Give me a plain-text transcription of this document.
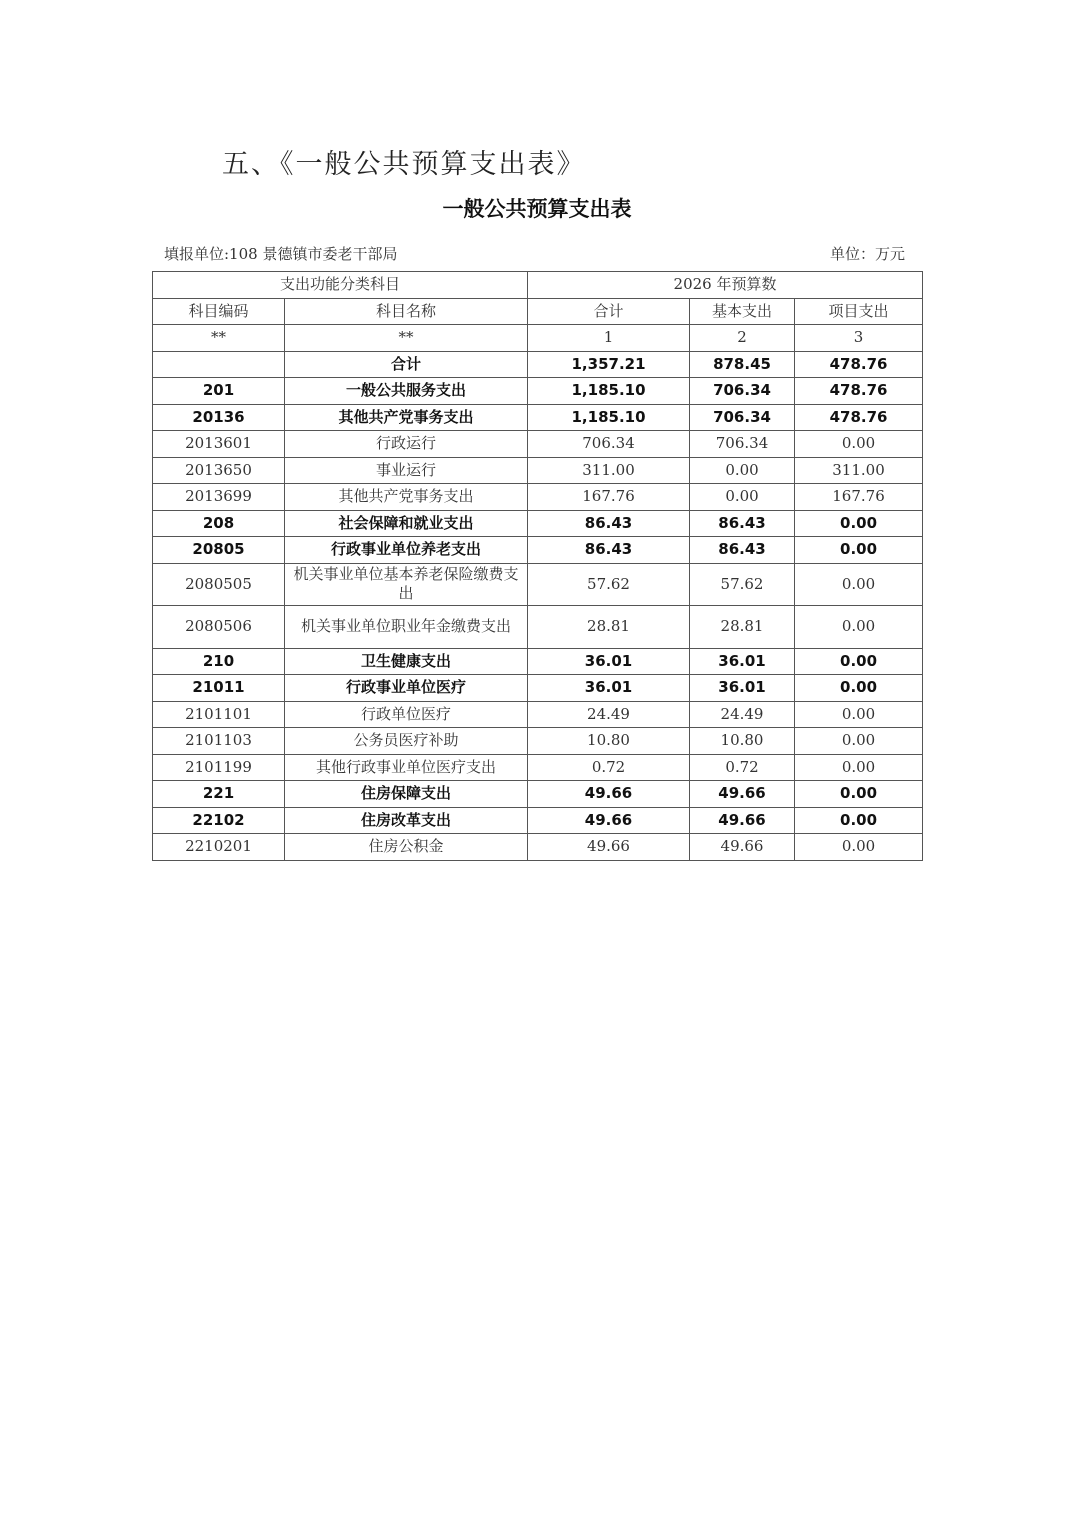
五、《一般公共预算支出表》
一般公共预算支出表
填报单位:108 景德镇市委老干部局	单位：万元
支出功能分类科目		2026 年预算数		
科目编码	科目名称	合计	基本支出	项目支出
**	**	1	2	3
	合计	1,357.21	878.45	478.76
201	一般公共服务支出	1,185.10	706.34	478.76
20136	其他共产党事务支出	1,185.10	706.34	478.76
2013601	行政运行	706.34	706.34	0.00
2013650	事业运行	311.00	0.00	311.00
2013699	其他共产党事务支出	167.76	0.00	167.76
208	社会保障和就业支出	86.43	86.43	0.00
20805	行政事业单位养老支出	86.43	86.43	0.00
2080505	机关事业单位基本养老保险缴费支出	57.62	57.62	0.00
2080506	机关事业单位职业年金缴费支出	28.81	28.81	0.00
210	卫生健康支出	36.01	36.01	0.00
21011	行政事业单位医疗	36.01	36.01	0.00
2101101	行政单位医疗	24.49	24.49	0.00
2101103	公务员医疗补助	10.80	10.80	0.00
2101199	其他行政事业单位医疗支出	0.72	0.72	0.00
221	住房保障支出	49.66	49.66	0.00
22102	住房改革支出	49.66	49.66	0.00
2210201	住房公积金	49.66	49.66	0.00
